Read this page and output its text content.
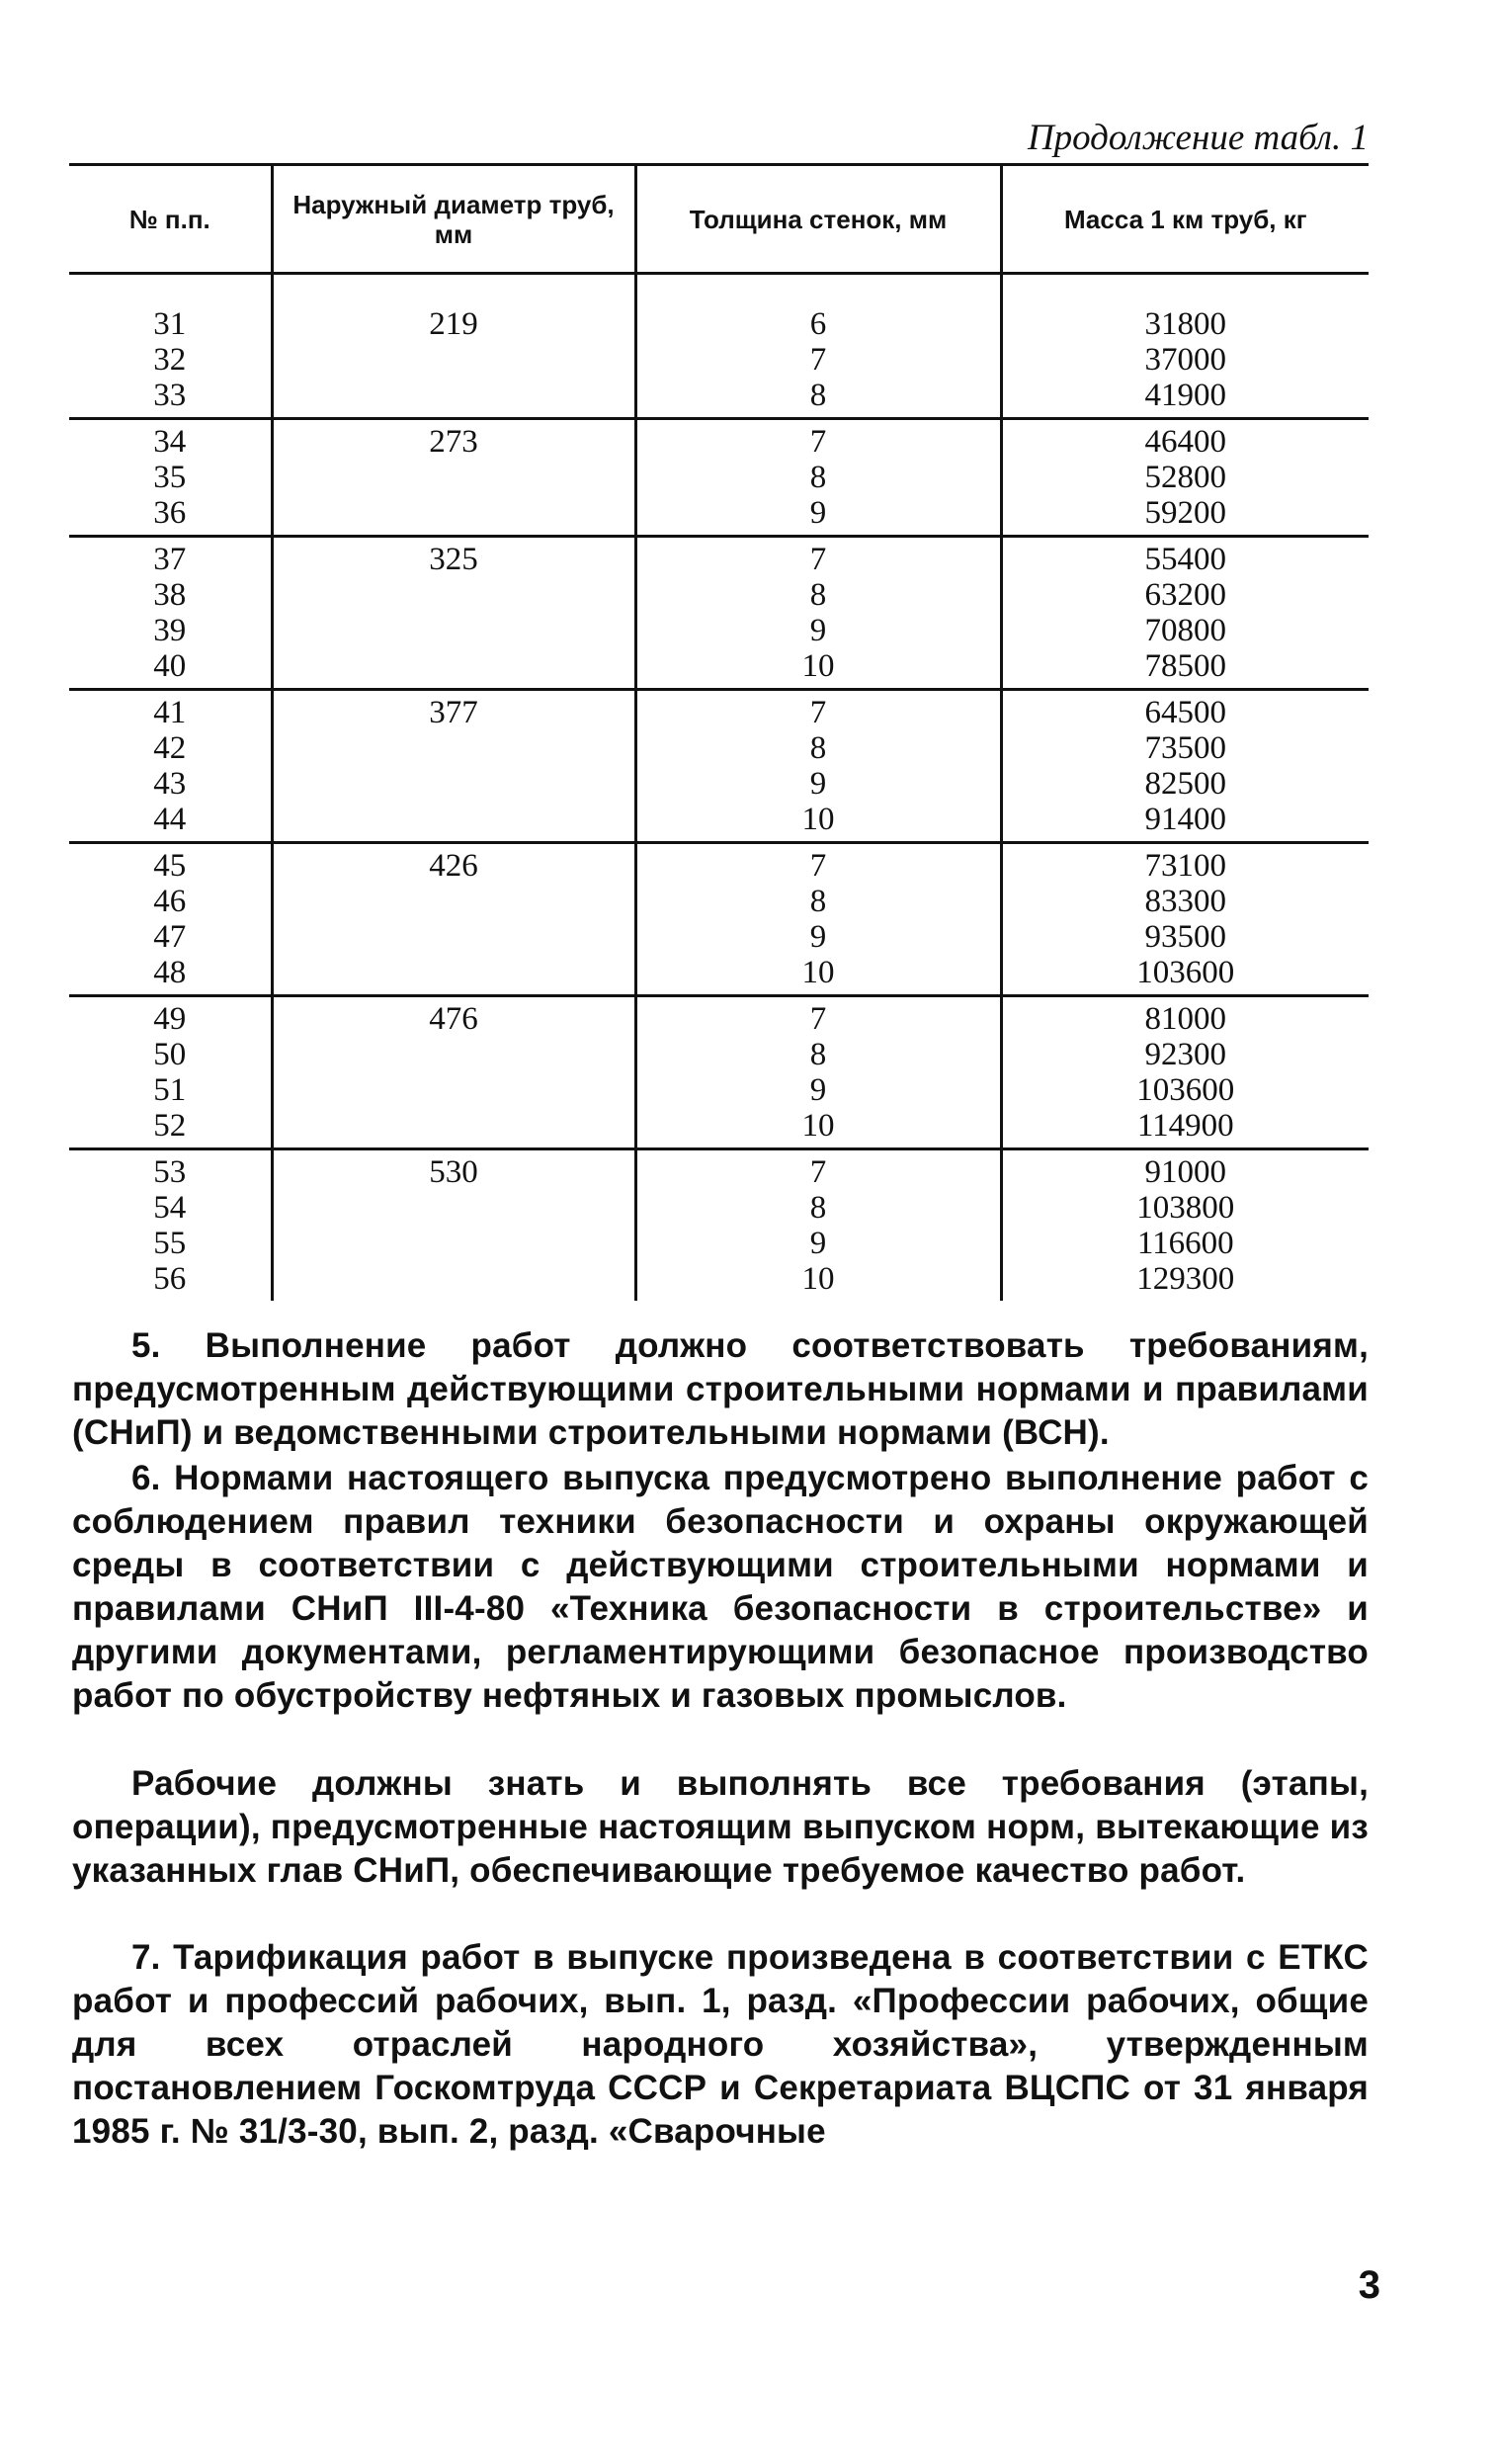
Продолжение табл. 1
№ п.п.	Наружный диаметр труб, мм	Толщина стенок, мм	Масса 1 км труб, кг
31	219	6	31800
32		7	37000
33		8	41900
34	273	7	46400
35		8	52800
36		9	59200
37	325	7	55400
38		8	63200
39		9	70800
40		10	78500
41	377	7	64500
42		8	73500
43		9	82500
44		10	91400
45	426	7	73100
46		8	83300
47		9	93500
48		10	103600
49	476	7	81000
50		8	92300
51		9	103600
52		10	114900
53	530	7	91000
54		8	103800
55		9	116600
56		10	129300

5. Выполнение работ должно соответствовать требованиям, предусмотренным действующими строительными нормами и правилами (СНиП) и ведомственными строительными нормами (ВСН).

6. Нормами настоящего выпуска предусмотрено выполнение работ с соблюдением правил техники безопасности и охраны окружающей среды в соответствии с действующими строительными нормами и правилами СНиП III-4-80 «Техника безопасности в строительстве» и другими документами, регламентирующими безопасное производство работ по обустройству нефтяных и газовых промыслов.

Рабочие должны знать и выполнять все требования (этапы, операции), предусмотренные настоящим выпуском норм, вытекающие из указанных глав СНиП, обеспечивающие требуемое качество работ.

7. Тарификация работ в выпуске произведена в соответствии с ЕТКС работ и профессий рабочих, вып. 1, разд. «Профессии рабочих, общие для всех отраслей народного хозяйства», утвержденным постановлением Госкомтруда СССР и Секретариата ВЦСПС от 31 января 1985 г. № 31/3-30, вып. 2, разд. «Сварочные

3
